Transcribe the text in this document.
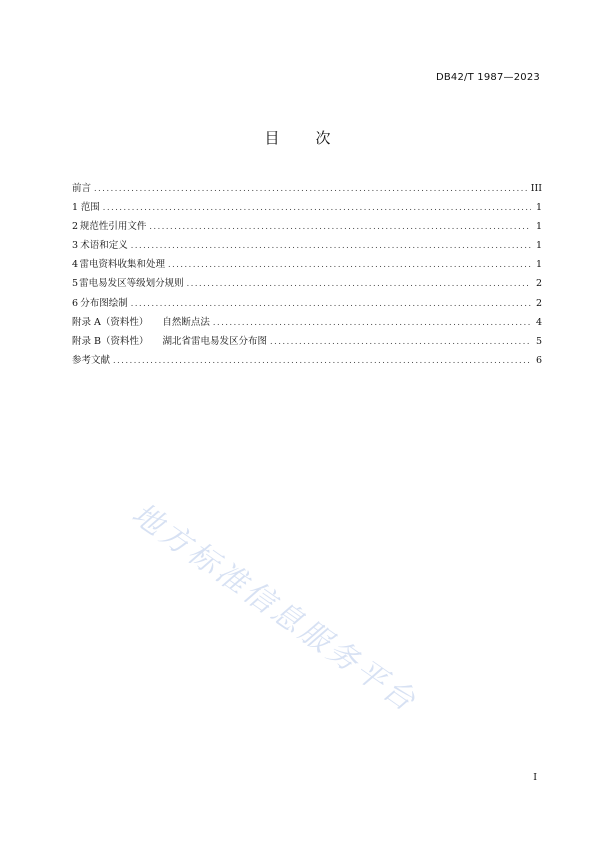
DB42/T 1987—2023
目 次
前言 .....	III
1 范围 .....	1
2 规范性引用文件 .....	1
3 术语和定义 .....	1
4 雷电资料收集和处理 .....	1
5 雷电易发区等级划分规则 .....	2
6 分布图绘制 .....	2
附录 A（资料性） 自然断点法 .....	4
附录 B（资料性） 湖北省雷电易发区分布图 .....	5
参考文献 .....	6
地方标准信息服务平台
I
